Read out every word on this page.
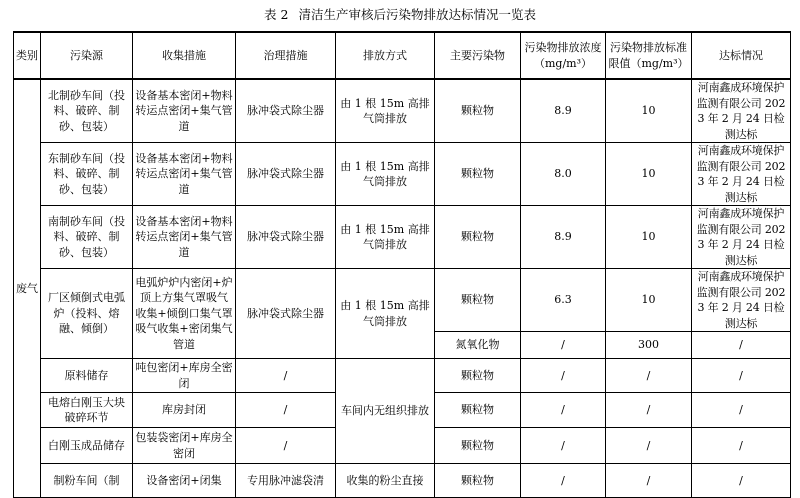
表 2 清洁生产审核后污染物排放达标情况一览表
类别	污染源	收集措施	治理措施	排放方式	主要污染物	污染物排放浓度（mg/m³）	污染物排放标准限值（mg/m³）	达标情况
废气	北制砂车间（投料、破碎、制砂、包装）	设备基本密闭+物料转运点密闭+集气管道	脉冲袋式除尘器	由 1 根 15m 高排气筒排放	颗粒物	8.9	10	河南鑫成环境保护监测有限公司 2023 年 2 月 24 日检测达标
	东制砂车间（投料、破碎、制砂、包装）	设备基本密闭+物料转运点密闭+集气管道	脉冲袋式除尘器	由 1 根 15m 高排气筒排放	颗粒物	8.0	10	河南鑫成环境保护监测有限公司 2023 年 2 月 24 日检测达标
	南制砂车间（投料、破碎、制砂、包装）	设备基本密闭+物料转运点密闭+集气管道	脉冲袋式除尘器	由 1 根 15m 高排气筒排放	颗粒物	8.9	10	河南鑫成环境保护监测有限公司 2023 年 2 月 24 日检测达标
	厂区倾倒式电弧炉（投料、熔融、倾倒）	电弧炉炉内密闭+炉顶上方集气罩吸气收集+倾倒口集气罩吸气收集+密闭集气管道	脉冲袋式除尘器	由 1 根 15m 高排气筒排放	颗粒物	6.3	10	河南鑫成环境保护监测有限公司 2023 年 2 月 24 日检测达标
					氮氧化物	/	300	/
	原料储存	吨包密闭+库房全密闭	/	车间内无组织排放	颗粒物	/	/	/
	电熔白刚玉大块破碎环节	库房封闭	/		颗粒物	/	/	/
	白刚玉成品储存	包装袋密闭+库房全密闭	/		颗粒物	/	/	/
	制粉车间（制	设备密闭+闭集	专用脉冲滤袋清	收集的粉尘直接	颗粒物	/	/	/
